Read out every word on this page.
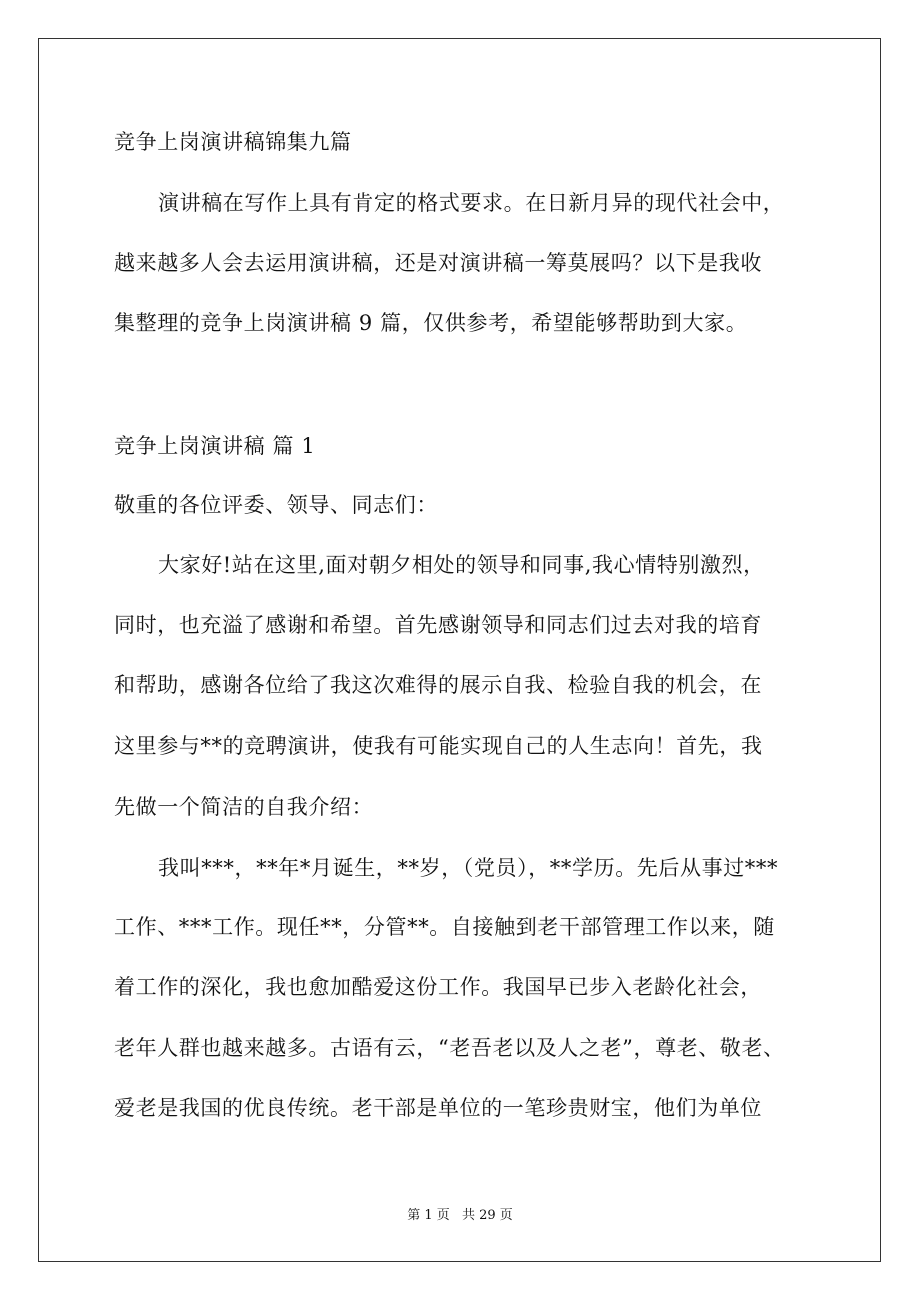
竞争上岗演讲稿锦集九篇
演讲稿在写作上具有肯定的格式要求。在日新月异的现代社会中，
越来越多人会去运用演讲稿，还是对演讲稿一筹莫展吗？以下是我收
集整理的竞争上岗演讲稿 9 篇，仅供参考，希望能够帮助到大家。
竞争上岗演讲稿 篇 1
敬重的各位评委、领导、同志们：
大家好!站在这里,面对朝夕相处的领导和同事,我心情特别激烈，
同时，也充溢了感谢和希望。首先感谢领导和同志们过去对我的培育
和帮助，感谢各位给了我这次难得的展示自我、检验自我的机会，在
这里参与**的竞聘演讲，使我有可能实现自己的人生志向！首先，我
先做一个简洁的自我介绍：
我叫***，**年*月诞生，**岁，（党员），**学历。先后从事过***
工作、***工作。现任**，分管**。自接触到老干部管理工作以来，随
着工作的深化，我也愈加酷爱这份工作。我国早已步入老龄化社会，
老年人群也越来越多。古语有云，“老吾老以及人之老”，尊老、敬老、
爱老是我国的优良传统。老干部是单位的一笔珍贵财宝，他们为单位
第 1 页 共 29 页
